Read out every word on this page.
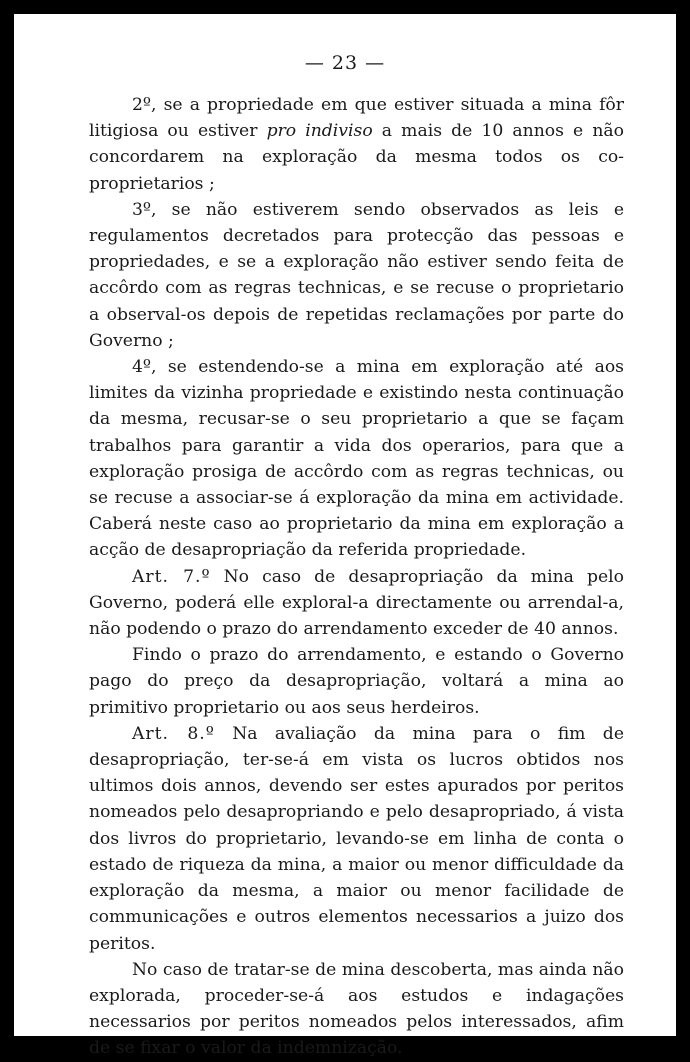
— 23 —

2º, se a propriedade em que estiver situada a mina fôr litigiosa ou estiver pro indiviso a mais de 10 annos e não concordarem na exploração da mesma todos os co-proprietarios ;

3º, se não estiverem sendo observados as leis e regulamentos decretados para protecção das pessoas e propriedades, e se a exploração não estiver sendo feita de accôrdo com as regras technicas, e se recuse o proprietario a observal-os depois de repetidas reclamações por parte do Governo ;

4º, se estendendo-se a mina em exploração até aos limites da vizinha propriedade e existindo nesta continuação da mesma, recusar-se o seu proprietario a que se façam trabalhos para garantir a vida dos operarios, para que a exploração prosiga de accôrdo com as regras technicas, ou se recuse a associar-se á exploração da mina em actividade. Caberá neste caso ao proprietario da mina em exploração a acção de desapropriação da referida propriedade.

Art. 7.º No caso de desapropriação da mina pelo Governo, poderá elle exploral-a directamente ou arrendal-a, não podendo o prazo do arrendamento exceder de 40 annos.

Findo o prazo do arrendamento, e estando o Governo pago do preço da desapropriação, voltará a mina ao primitivo proprietario ou aos seus herdeiros.

Art. 8.º Na avaliação da mina para o fim de desapropriação, ter-se-á em vista os lucros obtidos nos ultimos dois annos, devendo ser estes apurados por peritos nomeados pelo desapropriando e pelo desapropriado, á vista dos livros do proprietario, levando-se em linha de conta o estado de riqueza da mina, a maior ou menor difficuldade da exploração da mesma, a maior ou menor facilidade de communicações e outros elementos necessarios a juizo dos peritos.

No caso de tratar-se de mina descoberta, mas ainda não explorada, proceder-se-á aos estudos e indagações necessarios por peritos nomeados pelos interessados, afim de se fixar o valor da indemnização.
